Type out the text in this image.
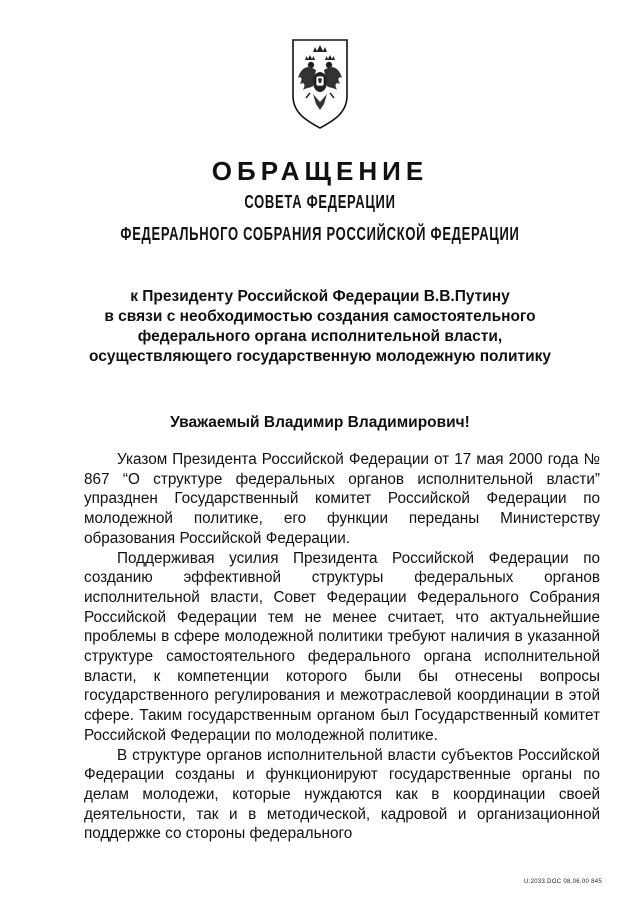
ОБРАЩЕНИЕ
СОВЕТА ФЕДЕРАЦИИ
ФЕДЕРАЛЬНОГО СОБРАНИЯ РОССИЙСКОЙ ФЕДЕРАЦИИ
к Президенту Российской Федерации В.В.Путину
в связи с необходимостью создания самостоятельного
федерального органа исполнительной власти,
осуществляющего государственную молодежную политику
Уважаемый Владимир Владимирович!

Указом Президента Российской Федерации от 17 мая 2000 года № 867 “О структуре федеральных органов исполнительной власти” упразднен Государственный комитет Российской Федерации по молодежной политике, его функции переданы Министерству образования Российской Федерации.

Поддерживая усилия Президента Российской Федерации по созданию эффективной структуры федеральных органов исполнительной власти, Совет Федерации Федерального Собрания Российской Федерации тем не менее считает, что актуальнейшие проблемы в сфере молодежной политики требуют наличия в указанной структуре самостоятельного федерального органа исполнительной власти, к компетенции которого были бы отнесены вопросы государственного регулирования и межотраслевой координации в этой сфере. Таким государственным органом был Государственный комитет Российской Федерации по молодежной политике.

В структуре органов исполнительной власти субъектов Российской Федерации созданы и функционируют государственные органы по делам молодежи, которые нуждаются как в координации своей деятельности, так и в методической, кадровой и организационной поддержке со стороны федерального

U:2033.DOC 08.06.00 845
